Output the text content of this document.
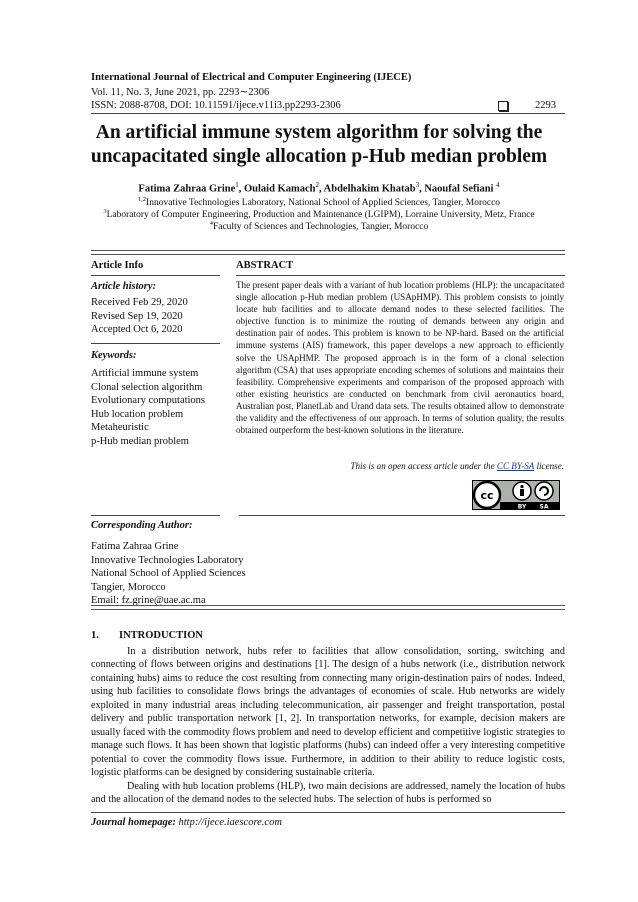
International Journal of Electrical and Computer Engineering (IJECE)
Vol. 11, No. 3, June 2021, pp. 2293∼2306
ISSN: 2088-8708, DOI: 10.11591/ijece.v11i3.pp2293-2306	2293
An artificial immune system algorithm for solving the
uncapacitated single allocation p-Hub median problem
Fatima Zahraa Grine$^1$, Oulaid Kamach$^2$, Abdelhakim Khatab$^3$, Naoufal Sefiani $^4$
$^{1,2}$Innovative Technologies Laboratory, National School of Applied Sciences, Tangier, Morocco
$^3$Laboratory of Computer Engineering, Production and Maintenance (LGIPM), Lorraine University, Metz, France
$^4$Faculty of Sciences and Technologies, Tangier, Morocco
Article Info
Article history:
Received Feb 29, 2020
Revised Sep 19, 2020
Accepted Oct 6, 2020
Keywords:
Artificial immune system
Clonal selection algorithm
Evolutionary computations
Hub location problem
Metaheuristic
p-Hub median problem
ABSTRACT
The present paper deals with a variant of hub location problems (HLP): the uncapacitated single allocation p-Hub median problem (USApHMP). This problem consists to jointly locate hub facilities and to allocate demand nodes to these selected facilities. The objective function is to minimize the routing of demands between any origin and destination pair of nodes. This problem is known to be NP-hard. Based on the artificial immune systems (AIS) framework, this paper develops a new approach to efficiently solve the USApHMP. The proposed approach is in the form of a clonal selection algorithm (CSA) that uses appropriate encoding schemes of solutions and maintains their feasibility. Comprehensive experiments and comparison of the proposed approach with other existing heuristics are conducted on benchmark from civil aeronautics board, Australian post, PlanetLab and Urand data sets. The results obtained allow to demonstrate the validity and the effectiveness of our approach. In terms of solution quality, the results obtained outperform the best-known solutions in the literature.
This is an open access article under the CC BY-SA license.
cc
BY SA
Corresponding Author:
Fatima Zahraa Grine
Innovative Technologies Laboratory
National School of Applied Sciences
Tangier, Morocco
Email: fz.grine@uae.ac.ma
1. INTRODUCTION

In a distribution network, hubs refer to facilities that allow consolidation, sorting, switching and connecting of flows between origins and destinations [1]. The design of a hubs network (i.e., distribution network containing hubs) aims to reduce the cost resulting from connecting many origin-destination pairs of nodes. Indeed, using hub facilities to consolidate flows brings the advantages of economies of scale. Hub networks are widely exploited in many industrial areas including telecommunication, air passenger and freight transportation, postal delivery and public transportation network [1, 2]. In transportation networks, for example, decision makers are usually faced with the commodity flows problem and need to develop efficient and competitive logistic strategies to manage such flows. It has been shown that logistic platforms (hubs) can indeed offer a very interesting competitive potential to cover the commodity flows issue. Furthermore, in addition to their ability to reduce logistic costs, logistic platforms can be designed by considering sustainable criteria.

Dealing with hub location problems (HLP), two main decisions are addressed, namely the location of hubs and the allocation of the demand nodes to the selected hubs. The selection of hubs is performed so

Journal homepage: http://ijece.iaescore.com
